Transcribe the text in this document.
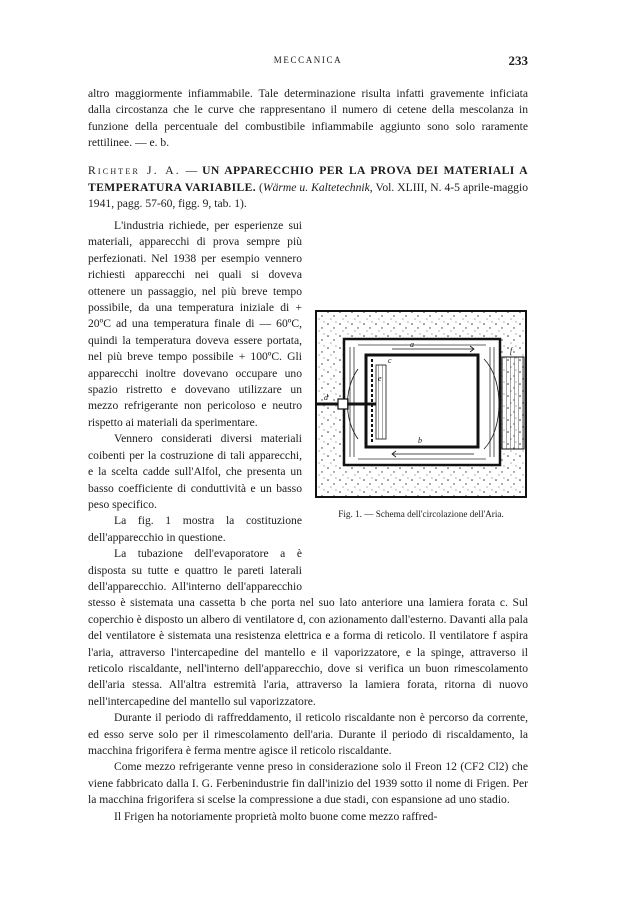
MECCANICA	233

altro maggiormente infiammabile. Tale determinazione risulta infatti gravemente inficiata dalla circostanza che le curve che rappresentano il numero di cetene della mescolanza in funzione della percentuale del combustibile infiammabile aggiunto sono solo raramente rettilinee. — e. b.

Richter J. A. — UN APPARECCHIO PER LA PROVA DEI MATERIALI A TEMPERATURA VARIABILE. (Wärme u. Kaltetechnik, Vol. XLIII, N. 4-5 aprile-maggio 1941, pagg. 57-60, figg. 9, tab. 1).
a
b
c
d
e
f
Fig. 1. — Schema dell'circolazione dell'Aria.

L'industria richiede, per esperienze sui materiali, apparecchi di prova sempre più perfezionati. Nel 1938 per esempio vennero richiesti apparecchi nei quali si doveva ottenere un passaggio, nel più breve tempo possibile, da una temperatura iniziale di + 20ºC ad una temperatura finale di — 60ºC, quindi la temperatura doveva essere portata, nel più breve tempo possibile + 100ºC. Gli apparecchi inoltre dovevano occupare uno spazio ristretto e dovevano utilizzare un mezzo refrigerante non pericoloso e neutro rispetto ai materiali da sperimentare.

Vennero considerati diversi materiali coibenti per la costruzione di tali apparecchi, e la scelta cadde sull'Alfol, che presenta un basso coefficiente di conduttività e un basso peso specifico.

La fig. 1 mostra la costituzione dell'apparecchio in questione.

La tubazione dell'evaporatore a è disposta su tutte e quattro le pareti laterali dell'apparecchio. All'interno dell'apparecchio stesso è sistemata una cassetta b che porta nel suo lato anteriore una lamiera forata c. Sul coperchio è disposto un albero di ventilatore d, con azionamento dall'esterno. Davanti alla pala del ventilatore è sistemata una resistenza elettrica e a forma di reticolo. Il ventilatore f aspira l'aria, attraverso l'intercapedine del mantello e il vaporizzatore, e la spinge, attraverso il reticolo riscaldante, nell'interno dell'apparecchio, dove si verifica un buon rimescolamento dell'aria stessa. All'altra estremità l'aria, attraverso la lamiera forata, ritorna di nuovo nell'intercapedine del mantello sul vaporizzatore.

Durante il periodo di raffreddamento, il reticolo riscaldante non è percorso da corrente, ed esso serve solo per il rimescolamento dell'aria. Durante il periodo di riscaldamento, la macchina frigorifera è ferma mentre agisce il reticolo riscaldante.

Come mezzo refrigerante venne preso in considerazione solo il Freon 12 (CF2 Cl2) che viene fabbricato dalla I. G. Ferbenindustrie fin dall'inizio del 1939 sotto il nome di Frigen. Per la macchina frigorifera si scelse la compressione a due stadi, con espansione ad uno stadio.

Il Frigen ha notoriamente proprietà molto buone come mezzo raffred-
